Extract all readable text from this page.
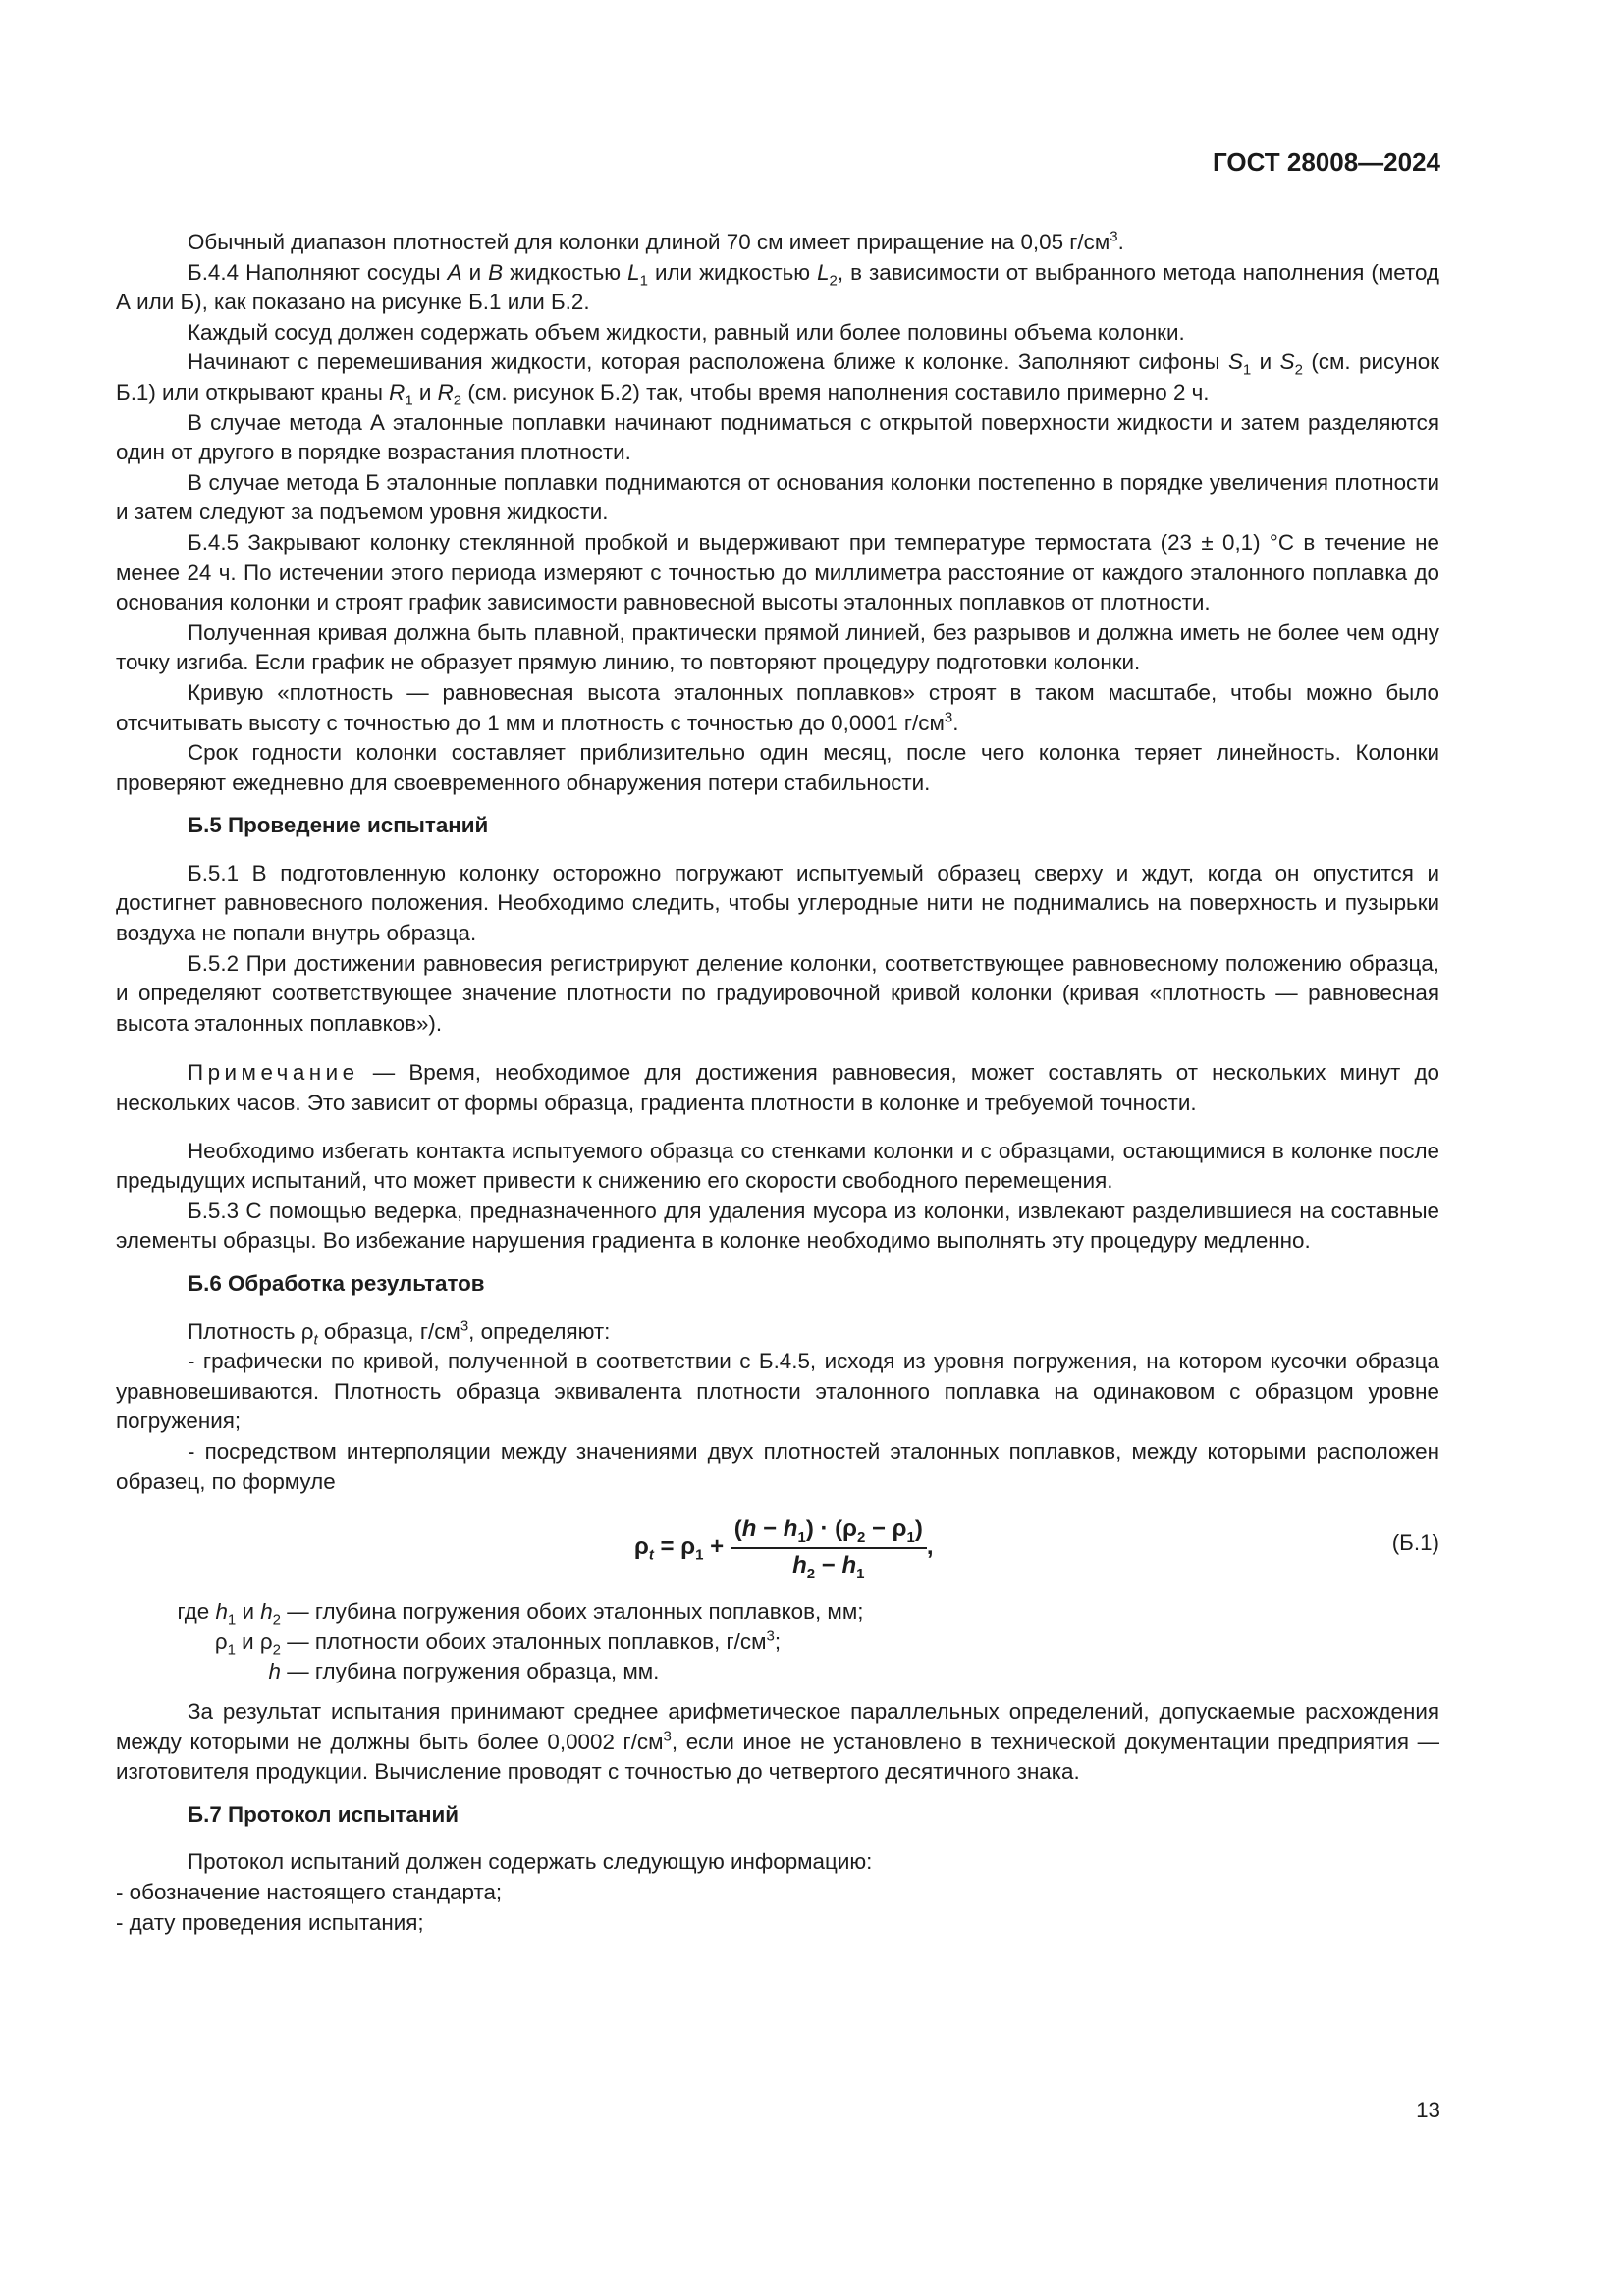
ГОСТ 28008—2024

Обычный диапазон плотностей для колонки длиной 70 см имеет приращение на 0,05 $г/см^3$.

Б.4.4 Наполняют сосуды A и B жидкостью $L_1$ или жидкостью $L_2$, в зависимости от выбранного метода наполнения (метод А или Б), как показано на рисунке Б.1 или Б.2.

Каждый сосуд должен содержать объем жидкости, равный или более половины объема колонки.

Начинают с перемешивания жидкости, которая расположена ближе к колонке. Заполняют сифоны $S_1$ и $S_2$ (см. рисунок Б.1) или открывают краны $R_1$ и $R_2$ (см. рисунок Б.2) так, чтобы время наполнения составило примерно 2 ч.

В случае метода А эталонные поплавки начинают подниматься с открытой поверхности жидкости и затем разделяются один от другого в порядке возрастания плотности.

В случае метода Б эталонные поплавки поднимаются от основания колонки постепенно в порядке увеличения плотности и затем следуют за подъемом уровня жидкости.

Б.4.5 Закрывают колонку стеклянной пробкой и выдерживают при температуре термостата (23 ± 0,1) °С в течение не менее 24 ч. По истечении этого периода измеряют с точностью до миллиметра расстояние от каждого эталонного поплавка до основания колонки и строят график зависимости равновесной высоты эталонных поплавков от плотности.

Полученная кривая должна быть плавной, практически прямой линией, без разрывов и должна иметь не более чем одну точку изгиба. Если график не образует прямую линию, то повторяют процедуру подготовки колонки.

Кривую «плотность — равновесная высота эталонных поплавков» строят в таком масштабе, чтобы можно было отсчитывать высоту с точностью до 1 мм и плотность с точностью до 0,0001 $г/см^3$.

Срок годности колонки составляет приблизительно один месяц, после чего колонка теряет линейность. Колонки проверяют ежедневно для своевременного обнаружения потери стабильности.

Б.5 Проведение испытаний

Б.5.1 В подготовленную колонку осторожно погружают испытуемый образец сверху и ждут, когда он опустится и достигнет равновесного положения. Необходимо следить, чтобы углеродные нити не поднимались на поверхность и пузырьки воздуха не попали внутрь образца.

Б.5.2 При достижении равновесия регистрируют деление колонки, соответствующее равновесному положению образца, и определяют соответствующее значение плотности по градуировочной кривой колонки (кривая «плотность — равновесная высота эталонных поплавков»).

Примечание — Время, необходимое для достижения равновесия, может составлять от нескольких минут до нескольких часов. Это зависит от формы образца, градиента плотности в колонке и требуемой точности.

Необходимо избегать контакта испытуемого образца со стенками колонки и с образцами, остающимися в колонке после предыдущих испытаний, что может привести к снижению его скорости свободного перемещения.

Б.5.3 С помощью ведерка, предназначенного для удаления мусора из колонки, извлекают разделившиеся на составные элементы образцы. Во избежание нарушения градиента в колонке необходимо выполнять эту процедуру медленно.

Б.6 Обработка результатов

Плотность $\rho_t$ образца, $г/см^3$, определяют:

- графически по кривой, полученной в соответствии с Б.4.5, исходя из уровня погружения, на котором кусочки образца уравновешиваются. Плотность образца эквивалента плотности эталонного поплавка на одинаковом с образцом уровне погружения;

- посредством интерполяции между значениями двух плотностей эталонных поплавков, между которыми расположен образец, по формуле

$\rho_t = \rho_1 + \frac{(h - h_1) \cdot (\rho_2 - \rho_1)}{h_2 - h_1}$ ,	(Б.1)

где $h_1$ и $h_2$ — глубина погружения обоих эталонных поплавков, мм;

$\rho_1$ и $\rho_2$ — плотности обоих эталонных поплавков, $г/см^3$;

h — глубина погружения образца, мм.

За результат испытания принимают среднее арифметическое параллельных определений, допускаемые расхождения между которыми не должны быть более 0,0002 $г/см^3$, если иное не установлено в технической документации предприятия — изготовителя продукции. Вычисление проводят с точностью до четвертого десятичного знака.

Б.7 Протокол испытаний

Протокол испытаний должен содержать следующую информацию:

- обозначение настоящего стандарта;

- дату проведения испытания;

13
